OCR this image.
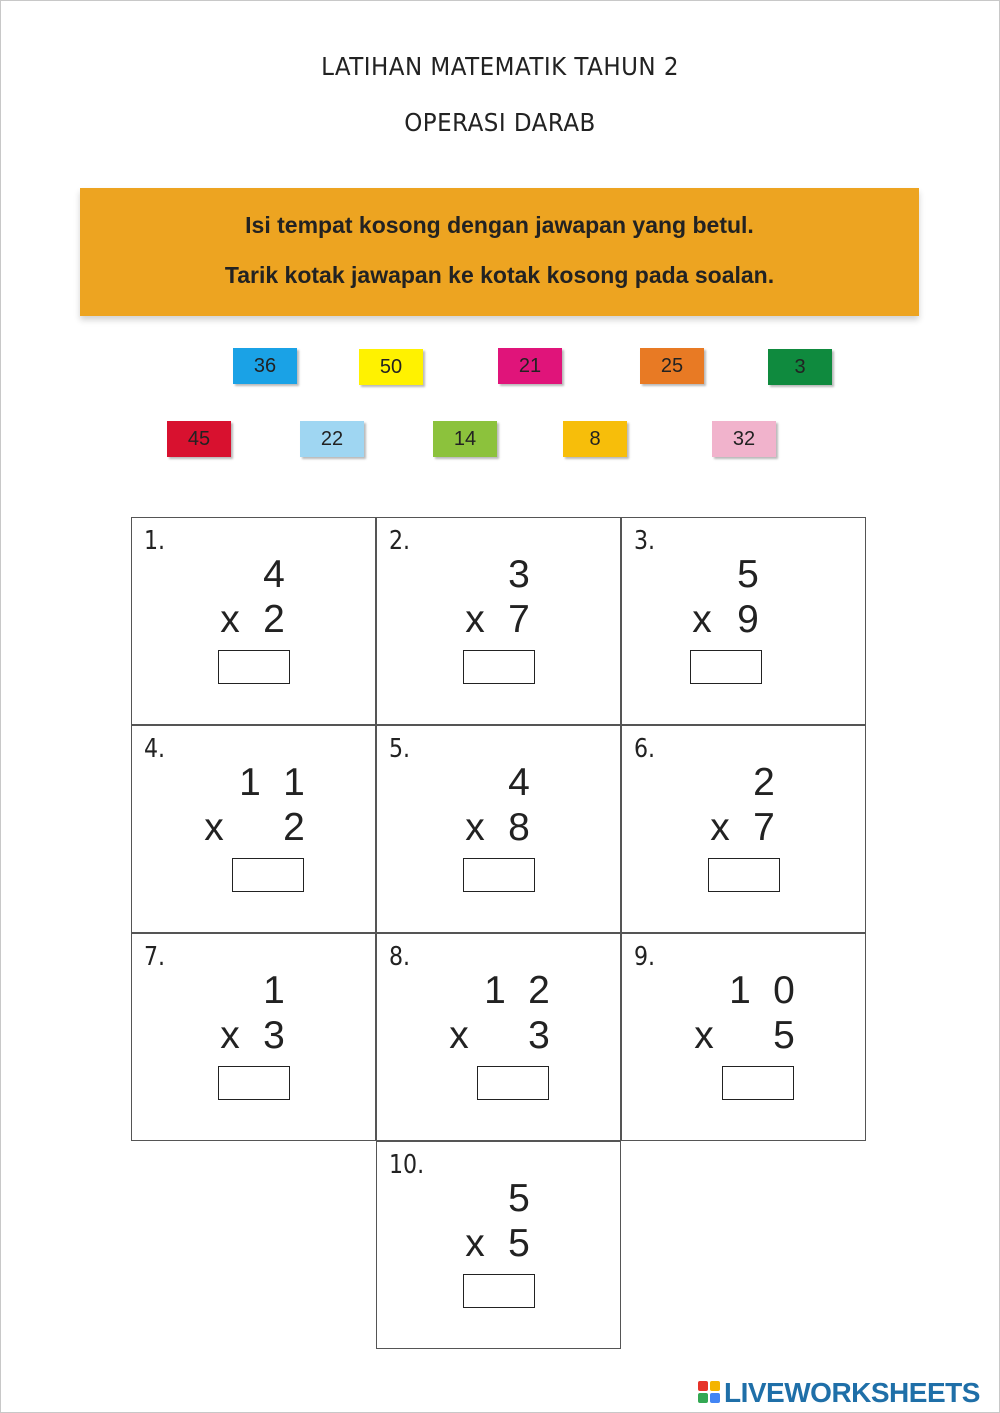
LATIHAN MATEMATIK TAHUN 2
OPERASI DARAB

Isi tempat kosong dengan jawapan yang betul.

Tarik kotak jawapan ke kotak kosong pada soalan.

36	50	21	25	3
45	22	14	8	32
1.
4
x 2
2.
3
x 7
3.
5
x 9
4.
1 1
x 2
5.
4
x 8
6.
2
x 7
7.
1
x 3
8.
1 2
x 3
9.
1 0
x 5
10.
5
x 5
LIVEWORKSHEETS
